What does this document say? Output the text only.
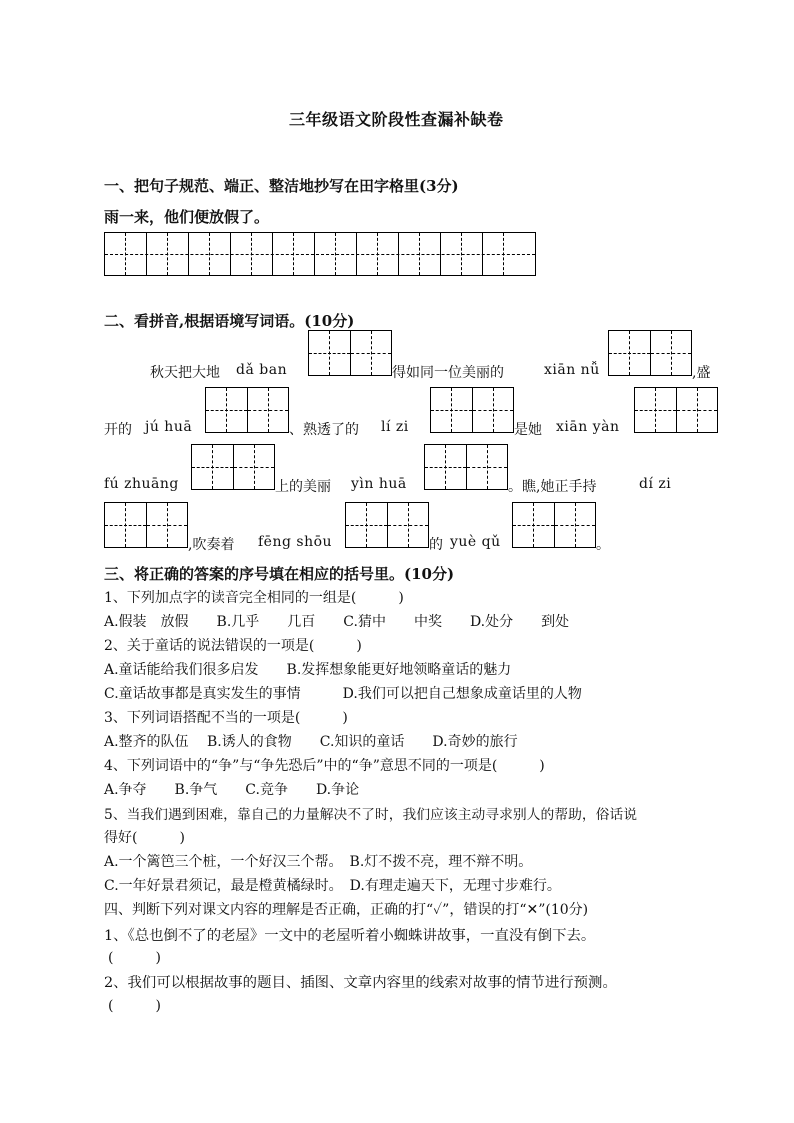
三年级语文阶段性查漏补缺卷
一、把句子规范、端正、整洁地抄写在田字格里(3分)
雨一来，他们便放假了。
二、看拼音,根据语境写词语。(10分)
秋天把大地 dǎ ban	得如同一位美丽的	xiān nǚ	,盛
开的 jú huā	、熟透了的 lí zi	是她 xiān yàn
fú zhuāng	上的美丽 yìn huā	。瞧,她正手持	dí zi
,吹奏着 fēng shōu	的 yuè qǔ	。
三、将正确的答案的序号填在相应的括号里。(10分)
1、下列加点字的读音完全相同的一组是(　　　)
A.假装　放假　　B.几乎　　几百　　C.猜中　　中奖　　D.处分　　到处
2、关于童话的说法错误的一项是(　　　)
A.童话能给我们很多启发　　B.发挥想象能更好地领略童话的魅力
C.童话故事都是真实发生的事情　　　D.我们可以把自己想象成童话里的人物
3、下列词语搭配不当的一项是(　　　)
A.整齐的队伍　 B.诱人的食物　　C.知识的童话　　D.奇妙的旅行
4、下列词语中的“争”与“争先恐后”中的“争”意思不同的一项是(　　　)
A.争夺　　B.争气　　C.竞争　　D.争论
5、当我们遇到困难，靠自己的力量解决不了时，我们应该主动寻求别人的帮助，俗话说
得好(　　　)
A.一个篱笆三个桩，一个好汉三个帮。　B.灯不拨不亮，理不辩不明。
C.一年好景君须记，最是橙黄橘绿时。　D.有理走遍天下，无理寸步难行。
四、判断下列对课文内容的理解是否正确，正确的打“✓”，错误的打“✕”(10分)
1、《总也倒不了的老屋》一文中的老屋听着小蜘蛛讲故事，一直没有倒下去。
(　　　)
2、我们可以根据故事的题目、插图、文章内容里的线索对故事的情节进行预测。
(　　　)
